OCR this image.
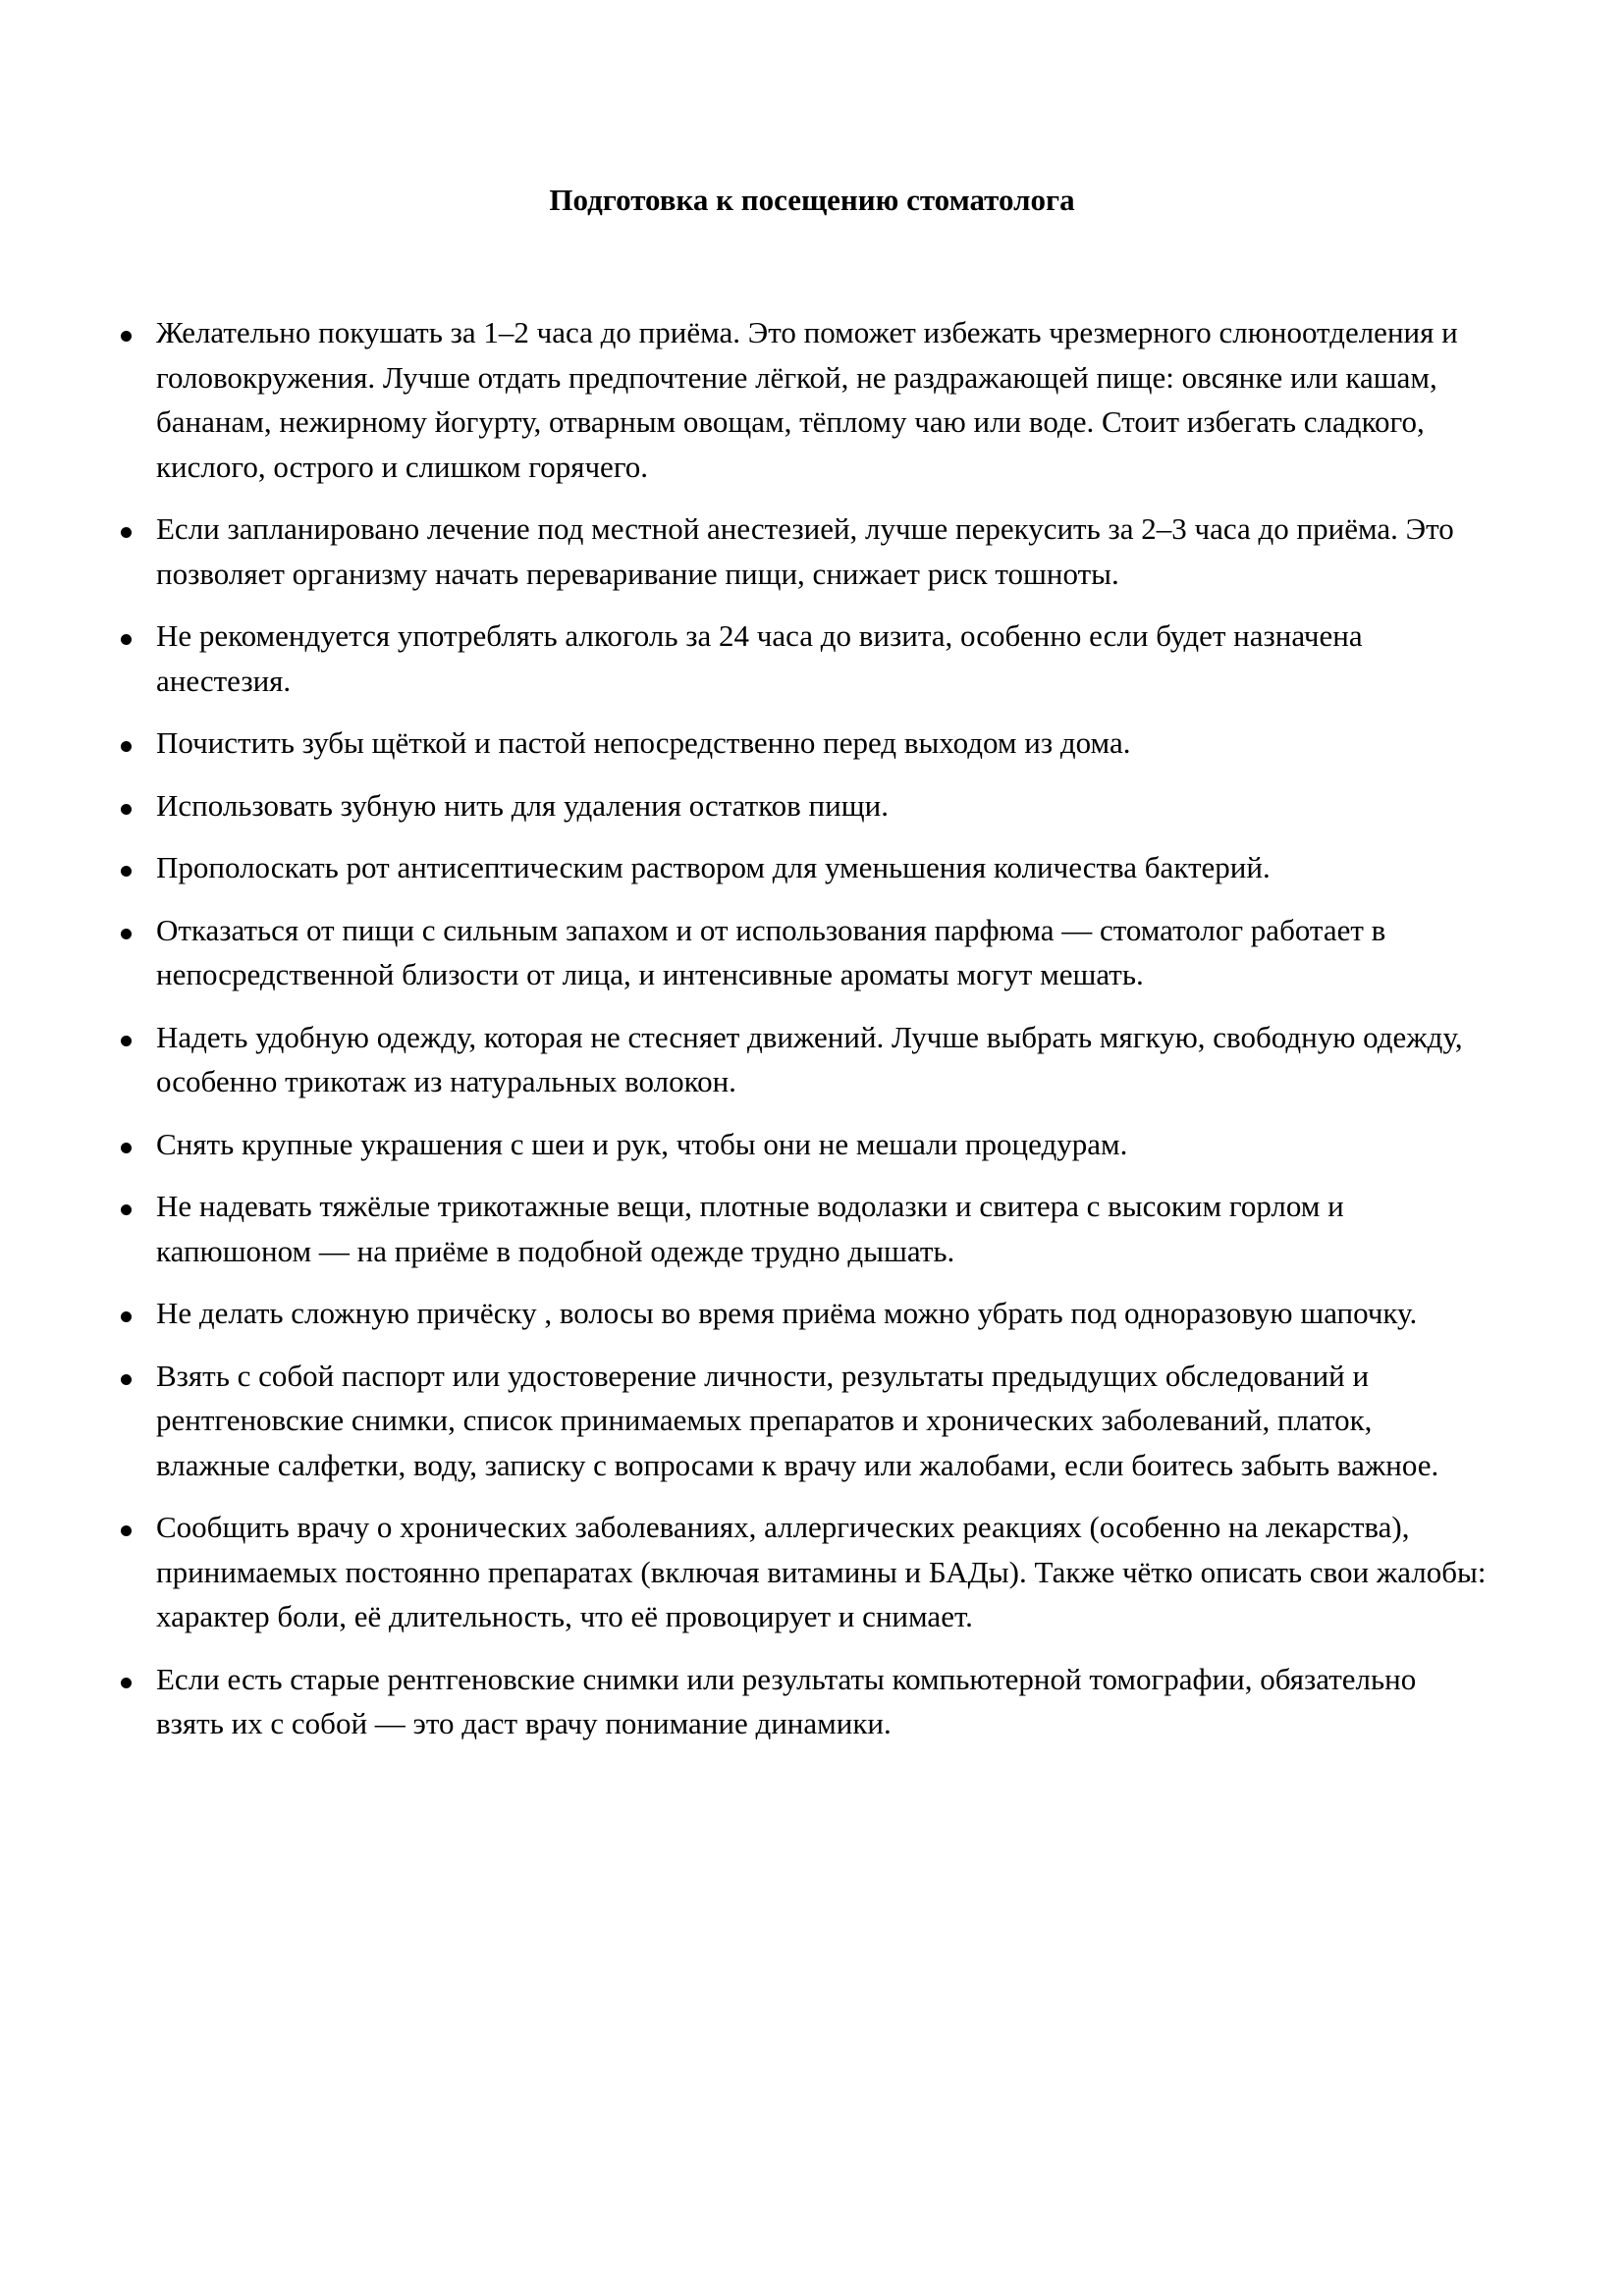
Подготовка к посещению стоматолога
Желательно покушать за 1–2 часа до приёма. Это поможет избежать чрезмерного слюноотделения и головокружения. Лучше отдать предпочтение лёгкой, не раздражающей пище: овсянке или кашам, бананам, нежирному йогурту, отварным овощам, тёплому чаю или воде. Стоит избегать сладкого, кислого, острого и слишком горячего.
Если запланировано лечение под местной анестезией, лучше перекусить за 2–3 часа до приёма. Это позволяет организму начать переваривание пищи, снижает риск тошноты.
Не рекомендуется употреблять алкоголь за 24 часа до визита, особенно если будет назначена анестезия.
Почистить зубы щёткой и пастой непосредственно перед выходом из дома.
Использовать зубную нить для удаления остатков пищи.
Прополоскать рот антисептическим раствором для уменьшения количества бактерий.
Отказаться от пищи с сильным запахом и от использования парфюма — стоматолог работает в непосредственной близости от лица, и интенсивные ароматы могут мешать.
Надеть удобную одежду, которая не стесняет движений. Лучше выбрать мягкую, свободную одежду, особенно трикотаж из натуральных волокон.
Снять крупные украшения с шеи и рук, чтобы они не мешали процедурам.
Не надевать тяжёлые трикотажные вещи, плотные водолазки и свитера с высоким горлом и капюшоном — на приёме в подобной одежде трудно дышать.
Не делать сложную причёску , волосы во время приёма можно убрать под одноразовую шапочку.
Взять с собой паспорт или удостоверение личности, результаты предыдущих обследований и рентгеновские снимки, список принимаемых препаратов и хронических заболеваний, платок, влажные салфетки, воду, записку с вопросами к врачу или жалобами, если боитесь забыть важное.
Сообщить врачу о хронических заболеваниях, аллергических реакциях (особенно на лекарства), принимаемых постоянно препаратах (включая витамины и БАДы). Также чётко описать свои жалобы: характер боли, её длительность, что её провоцирует и снимает.
Если есть старые рентгеновские снимки или результаты компьютерной томографии, обязательно взять их с собой — это даст врачу понимание динамики.
